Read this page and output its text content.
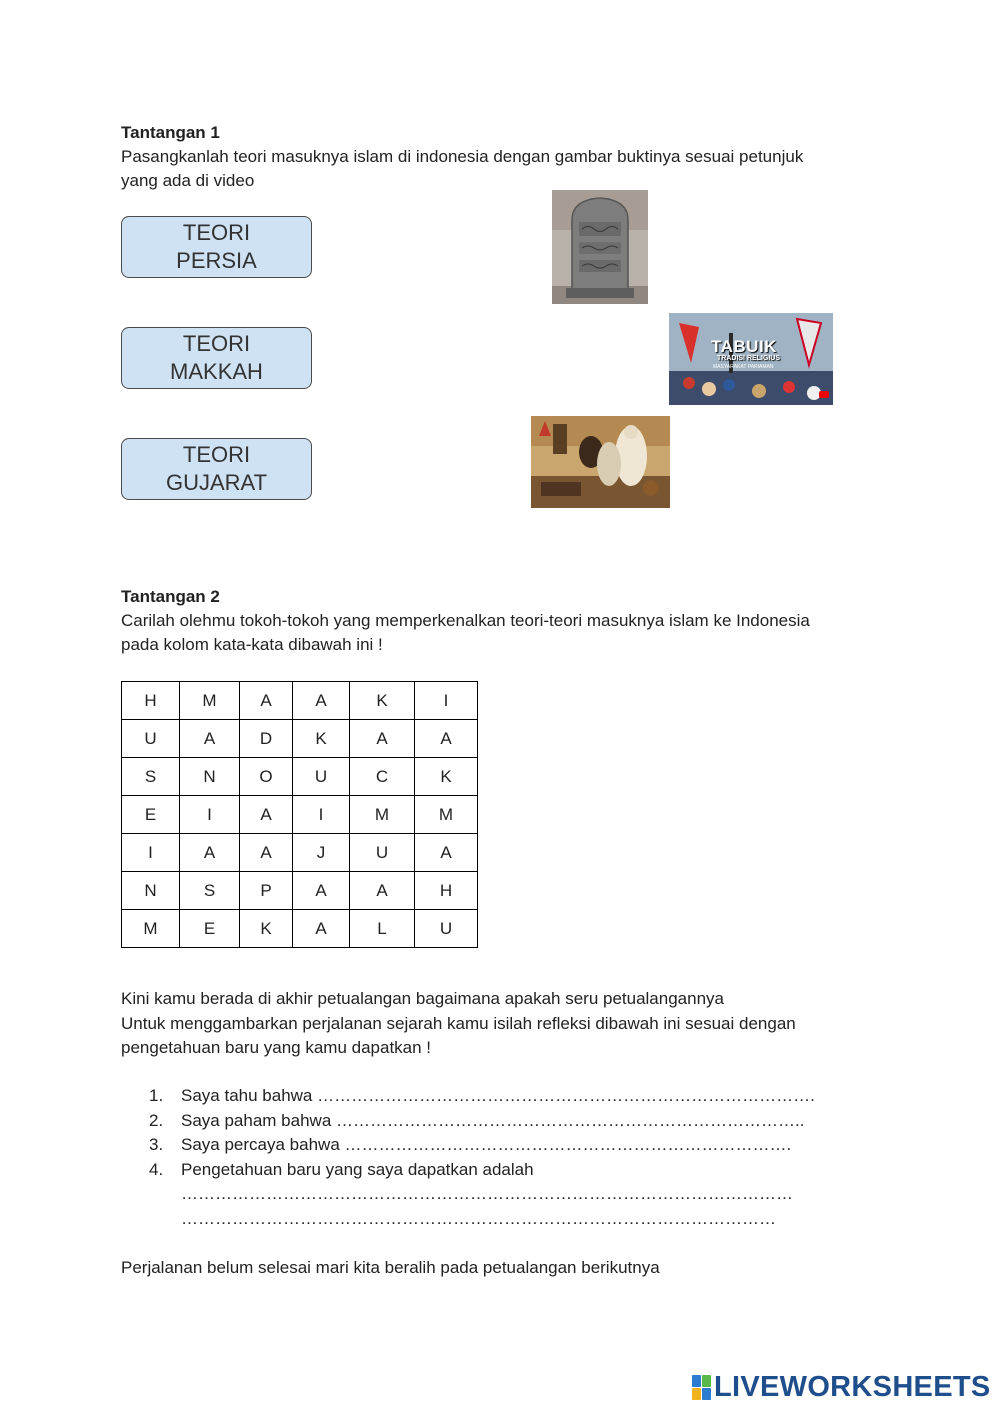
Tantangan 1
Pasangkanlah teori masuknya islam di indonesia dengan gambar buktinya sesuai petunjuk
yang ada di video
TEORI
PERSIA
TEORI
MAKKAH
TEORI
GUJARAT
TABUIK
TRADISI RELIGIUS
MASYARAKAT PARIAMAN
Tantangan 2
Carilah olehmu tokoh-tokoh yang memperkenalkan teori-teori masuknya islam ke Indonesia
pada kolom kata-kata dibawah ini !
H	M	A	A	K	I
U	A	D	K	A	A
S	N	O	U	C	K
E	I	A	I	M	M
I	A	A	J	U	A
N	S	P	A	A	H
M	E	K	A	L	U
Kini kamu berada di akhir petualangan bagaimana apakah seru petualangannya
Untuk menggambarkan perjalanan sejarah kamu isilah refleksi dibawah ini sesuai dengan
pengetahuan baru yang kamu dapatkan !
1. Saya tahu bahwa …………………………………………………………………………….
2. Saya paham bahwa ………………………………………………………………………..
3. Saya percaya bahwa …………………………………………………………………….
4. Pengetahuan baru yang saya dapatkan adalah
………………………………………………………………………………………………
……………………………………………………………………………………………
Perjalanan belum selesai mari kita beralih pada petualangan berikutnya
LIVEWORKSHEETS
